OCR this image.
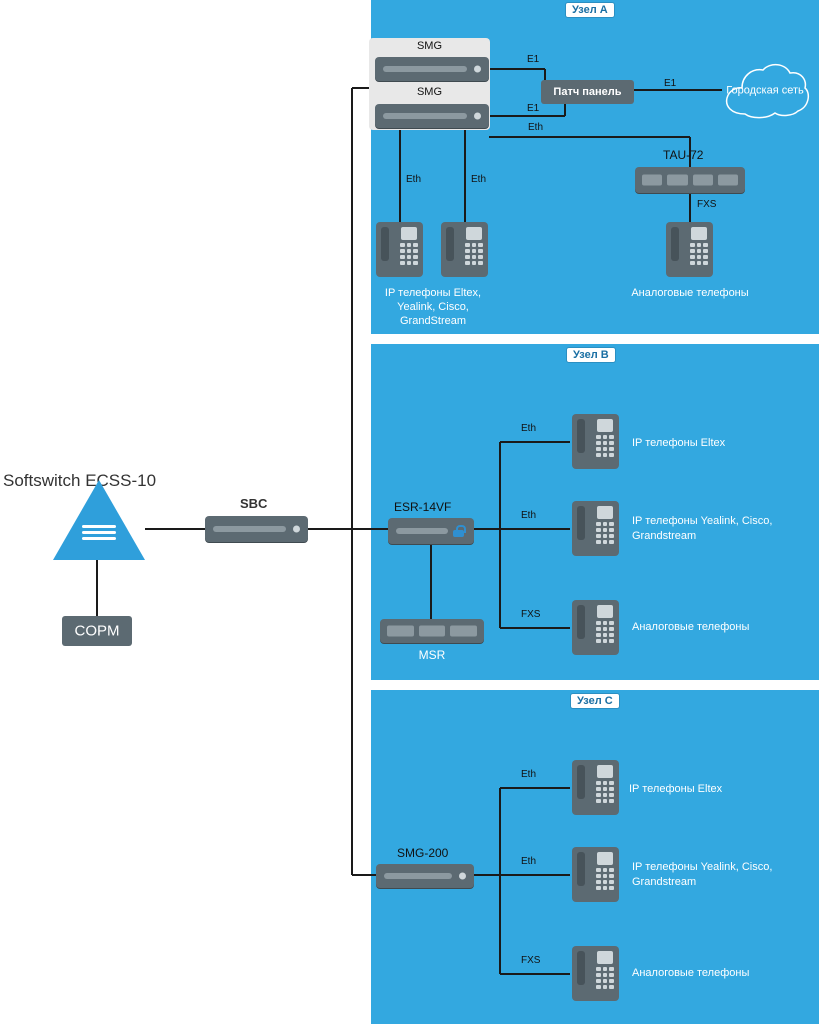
Softswitch ECSS-10
COPM
SBC
Узел A
SMG
SMG
E1
E1
E1
Eth
Eth	Eth
FXS
Патч панель	Городская сеть
TAU-72
IP телефоны Eltex, Yealink, Cisco, GrandStream
Аналоговые телефоны
Узел B
ESR-14VF
MSR
Eth
Eth
FXS
IP телефоны Eltex
IP телефоны Yealink, Cisco, Grandstream
Аналоговые телефоны
Узел C
SMG-200
Eth
Eth
FXS
IP телефоны Eltex
IP телефоны Yealink, Cisco, Grandstream
Аналоговые телефоны
